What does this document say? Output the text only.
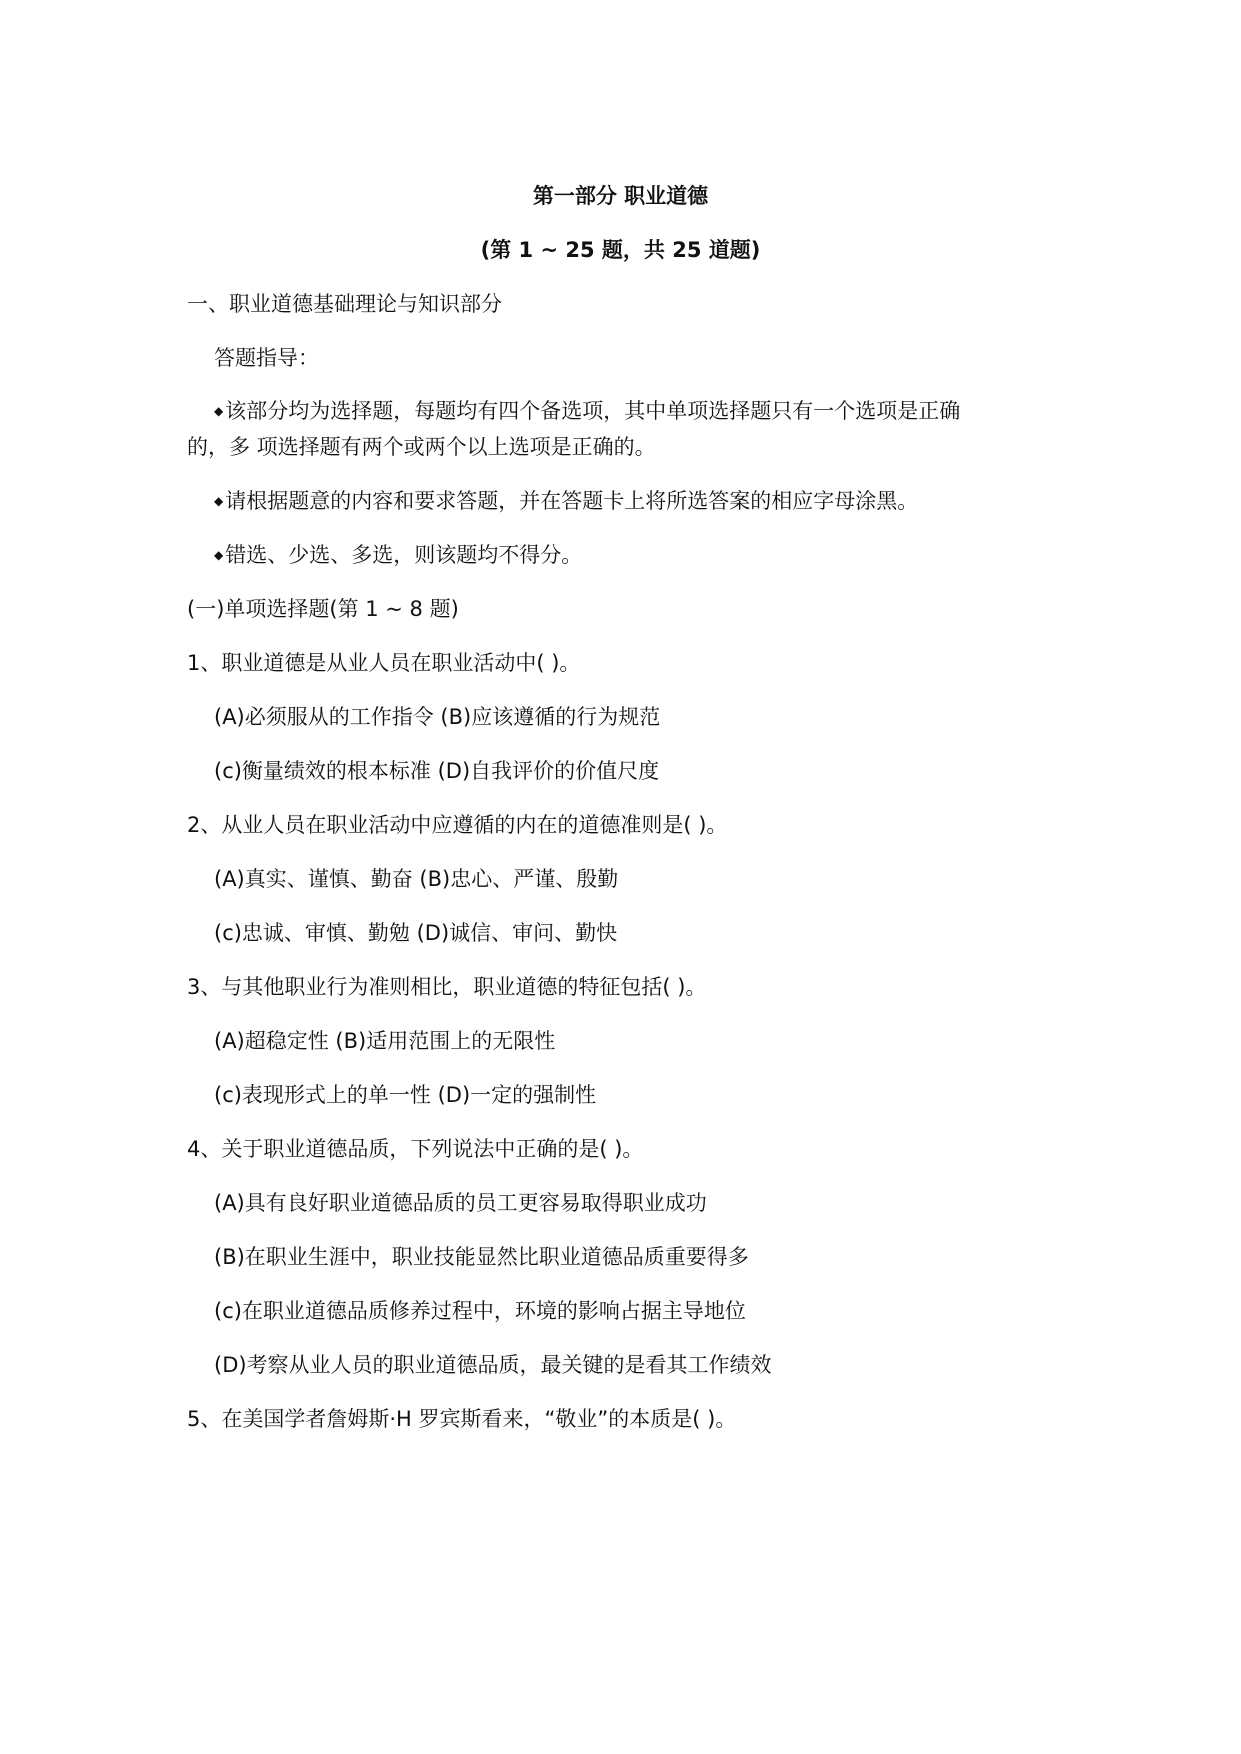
第一部分 职业道德
(第 1 ~ 25 题，共 25 道题)
一、职业道德基础理论与知识部分
答题指导：
◆该部分均为选择题，每题均有四个备选项，其中单项选择题只有一个选项是正确
的，多 项选择题有两个或两个以上选项是正确的。
◆请根据题意的内容和要求答题，并在答题卡上将所选答案的相应字母涂黑。
◆错选、少选、多选，则该题均不得分。
(一)单项选择题(第 1 ~ 8 题)
1、职业道德是从业人员在职业活动中( )。
(A)必须服从的工作指令 (B)应该遵循的行为规范
(c)衡量绩效的根本标准 (D)自我评价的价值尺度
2、从业人员在职业活动中应遵循的内在的道德准则是( )。
(A)真实、谨慎、勤奋 (B)忠心、严谨、殷勤
(c)忠诚、审慎、勤勉 (D)诚信、审问、勤快
3、与其他职业行为准则相比，职业道德的特征包括( )。
(A)超稳定性 (B)适用范围上的无限性
(c)表现形式上的单一性 (D)一定的强制性
4、关于职业道德品质，下列说法中正确的是( )。
(A)具有良好职业道德品质的员工更容易取得职业成功
(B)在职业生涯中，职业技能显然比职业道德品质重要得多
(c)在职业道德品质修养过程中，环境的影响占据主导地位
(D)考察从业人员的职业道德品质，最关键的是看其工作绩效
5、在美国学者詹姆斯·H 罗宾斯看来，“敬业”的本质是( )。
